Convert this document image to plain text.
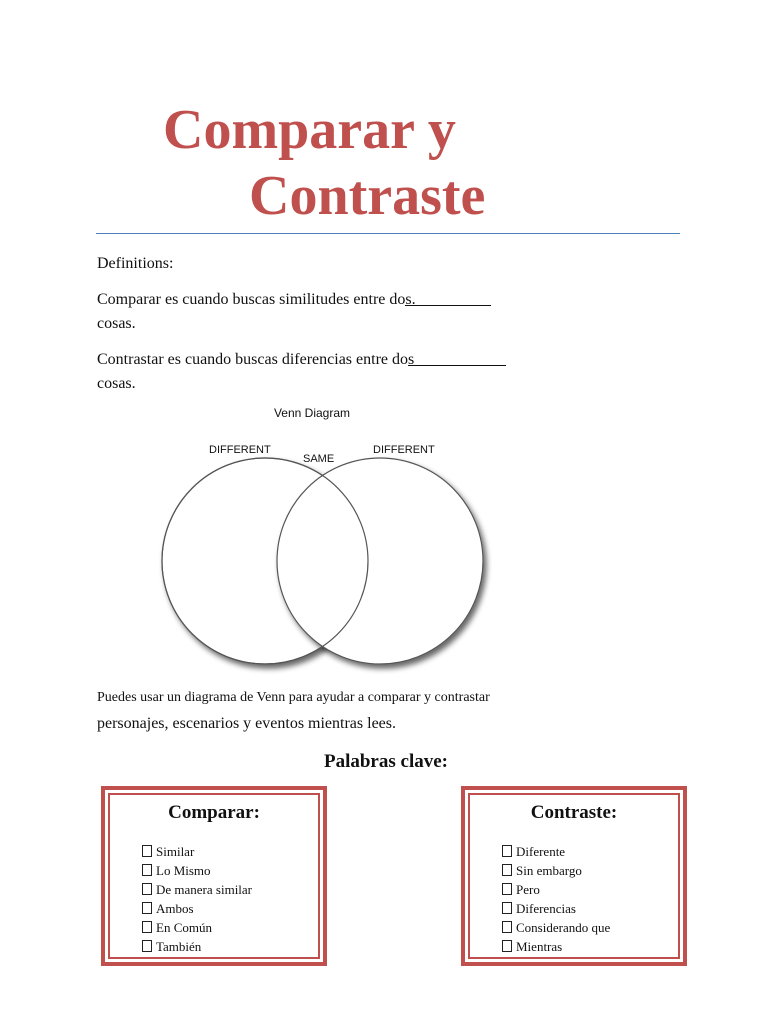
Comparar y
Contraste
Definitions:
Comparar es cuando buscas similitudes entre dos.
cosas.
Contrastar es cuando buscas diferencias entre dos
cosas.
Venn Diagram
DIFFERENT
SAME
DIFFERENT
Puedes usar un diagrama de Venn para ayudar a comparar y contrastar
personajes, escenarios y eventos mientras lees.
Palabras clave:
Comparar:
Similar
Lo Mismo
De manera similar
Ambos
En Común
También
Contraste:
Diferente
Sin embargo
Pero
Diferencias
Considerando que
Mientras
